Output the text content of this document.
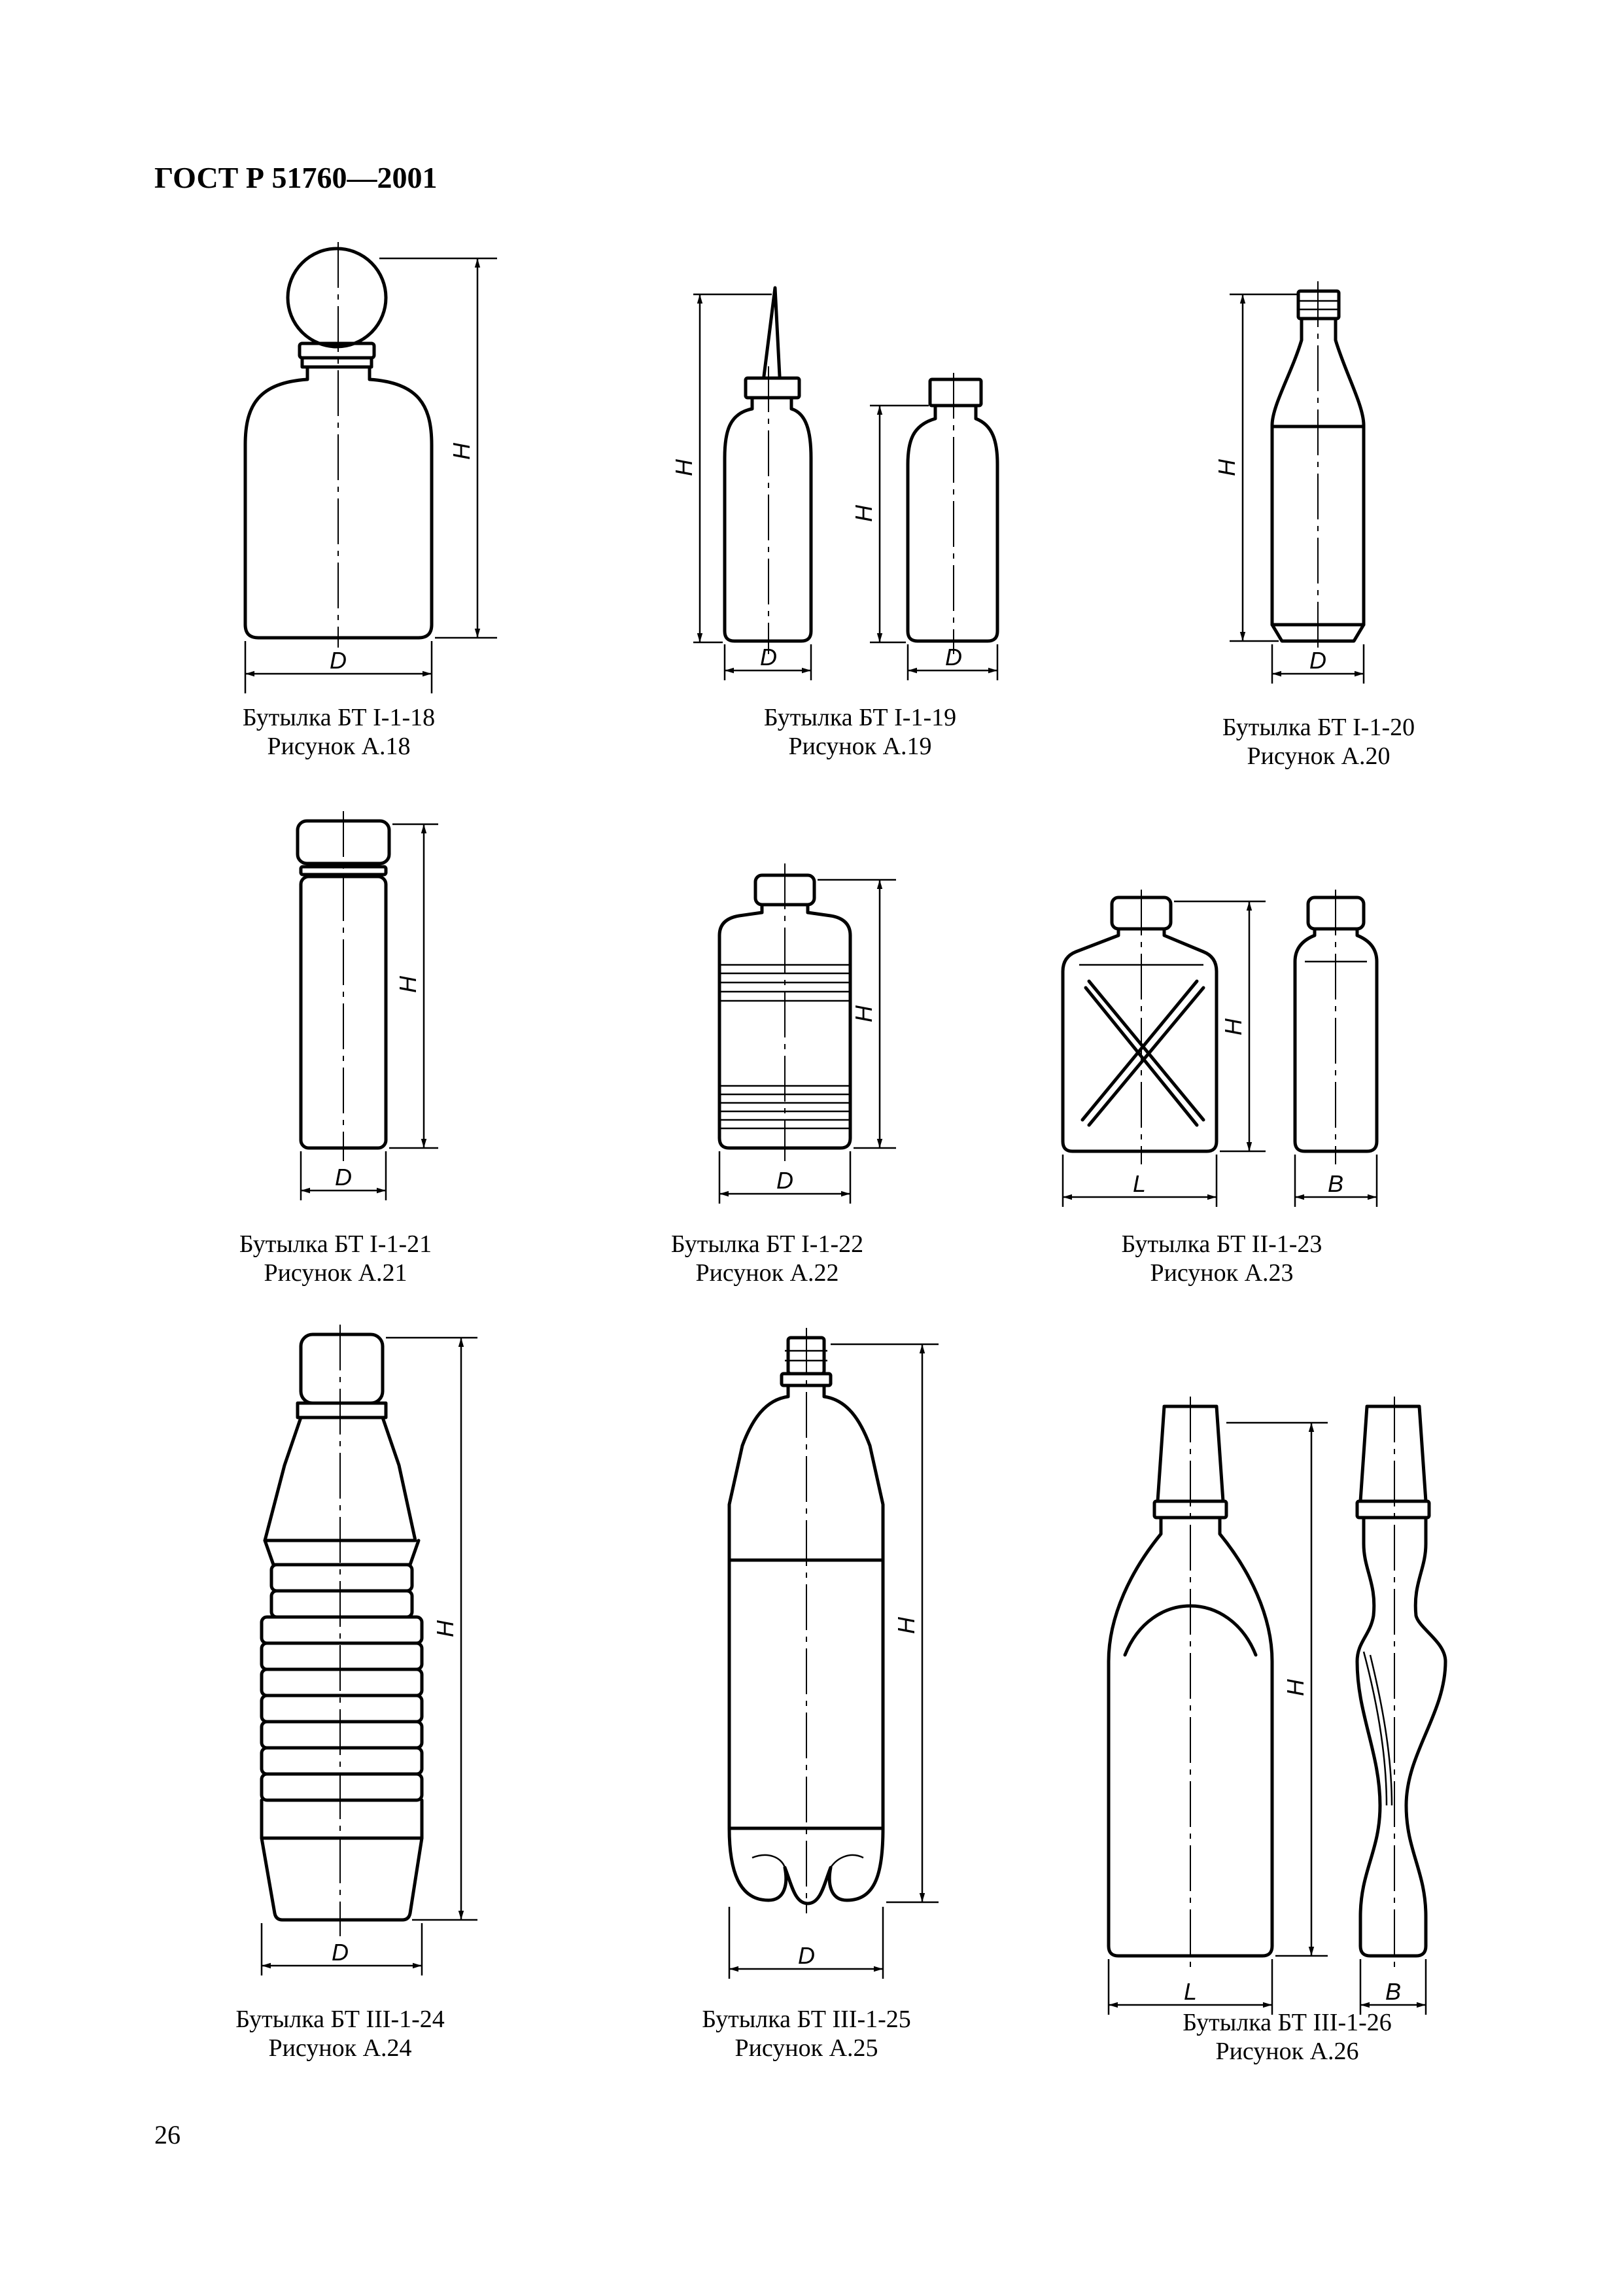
ГОСТ Р 51760—2001
H
D
H
D
H
D
H
D
H
D
H
D
H
L	B
H
D
H
D
H
L	B
Бутылка БТ I-1-18
Рисунок А.18
Бутылка БТ I-1-19
Рисунок А.19
Бутылка БТ I-1-20
Рисунок А.20
Бутылка БТ I-1-21
Рисунок А.21
Бутылка БТ I-1-22
Рисунок А.22
Бутылка БТ II-1-23
Рисунок А.23
Бутылка БТ III-1-24
Рисунок А.24
Бутылка БТ III-1-25
Рисунок А.25
Бутылка БТ III-1-26
Рисунок А.26
26
